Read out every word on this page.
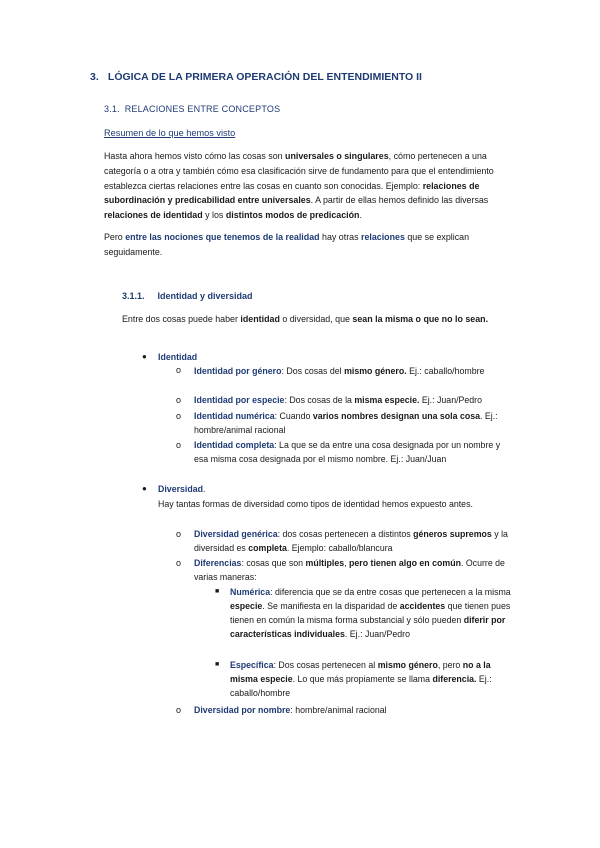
3. LÓGICA DE LA PRIMERA OPERACIÓN DEL ENTENDIMIENTO II
3.1. RELACIONES ENTRE CONCEPTOS
Resumen de lo que hemos visto
Hasta ahora hemos visto cómo las cosas son universales o singulares, cómo pertenecen a una categoría o a otra y también cómo esa clasificación sirve de fundamento para que el entendimiento establezca ciertas relaciones entre las cosas en cuanto son conocidas. Ejemplo: relaciones de subordinación y predicabilidad entre universales. A partir de ellas hemos definido las diversas relaciones de identidad y los distintos modos de predicación.
Pero entre las nociones que tenemos de la realidad hay otras relaciones que se explican seguidamente.
3.1.1. Identidad y diversidad
Entre dos cosas puede haber identidad o diversidad, que sean la misma o que no lo sean.
● Identidad
o Identidad por género: Dos cosas del mismo género. Ej.: caballo/hombre
o Identidad por especie: Dos cosas de la misma especie. Ej.: Juan/Pedro
o Identidad numérica: Cuando varios nombres designan una sola cosa. Ej.: hombre/animal racional
o Identidad completa: La que se da entre una cosa designada por un nombre y esa misma cosa designada por el mismo nombre. Ej.: Juan/Juan
● Diversidad.
Hay tantas formas de diversidad como tipos de identidad hemos expuesto antes.
o Diversidad genérica: dos cosas pertenecen a distintos géneros supremos y la diversidad es completa. Ejemplo: caballo/blancura
o Diferencias: cosas que son múltiples, pero tienen algo en común. Ocurre de varias maneras:
■ Numérica: diferencia que se da entre cosas que pertenecen a la misma especie. Se manifiesta en la disparidad de accidentes que tienen pues tienen en común la misma forma substancial y sólo pueden diferir por características individuales. Ej.: Juan/Pedro
■ Específica: Dos cosas pertenecen al mismo género, pero no a la misma especie. Lo que más propiamente se llama diferencia. Ej.: caballo/hombre
o Diversidad por nombre: hombre/animal racional
